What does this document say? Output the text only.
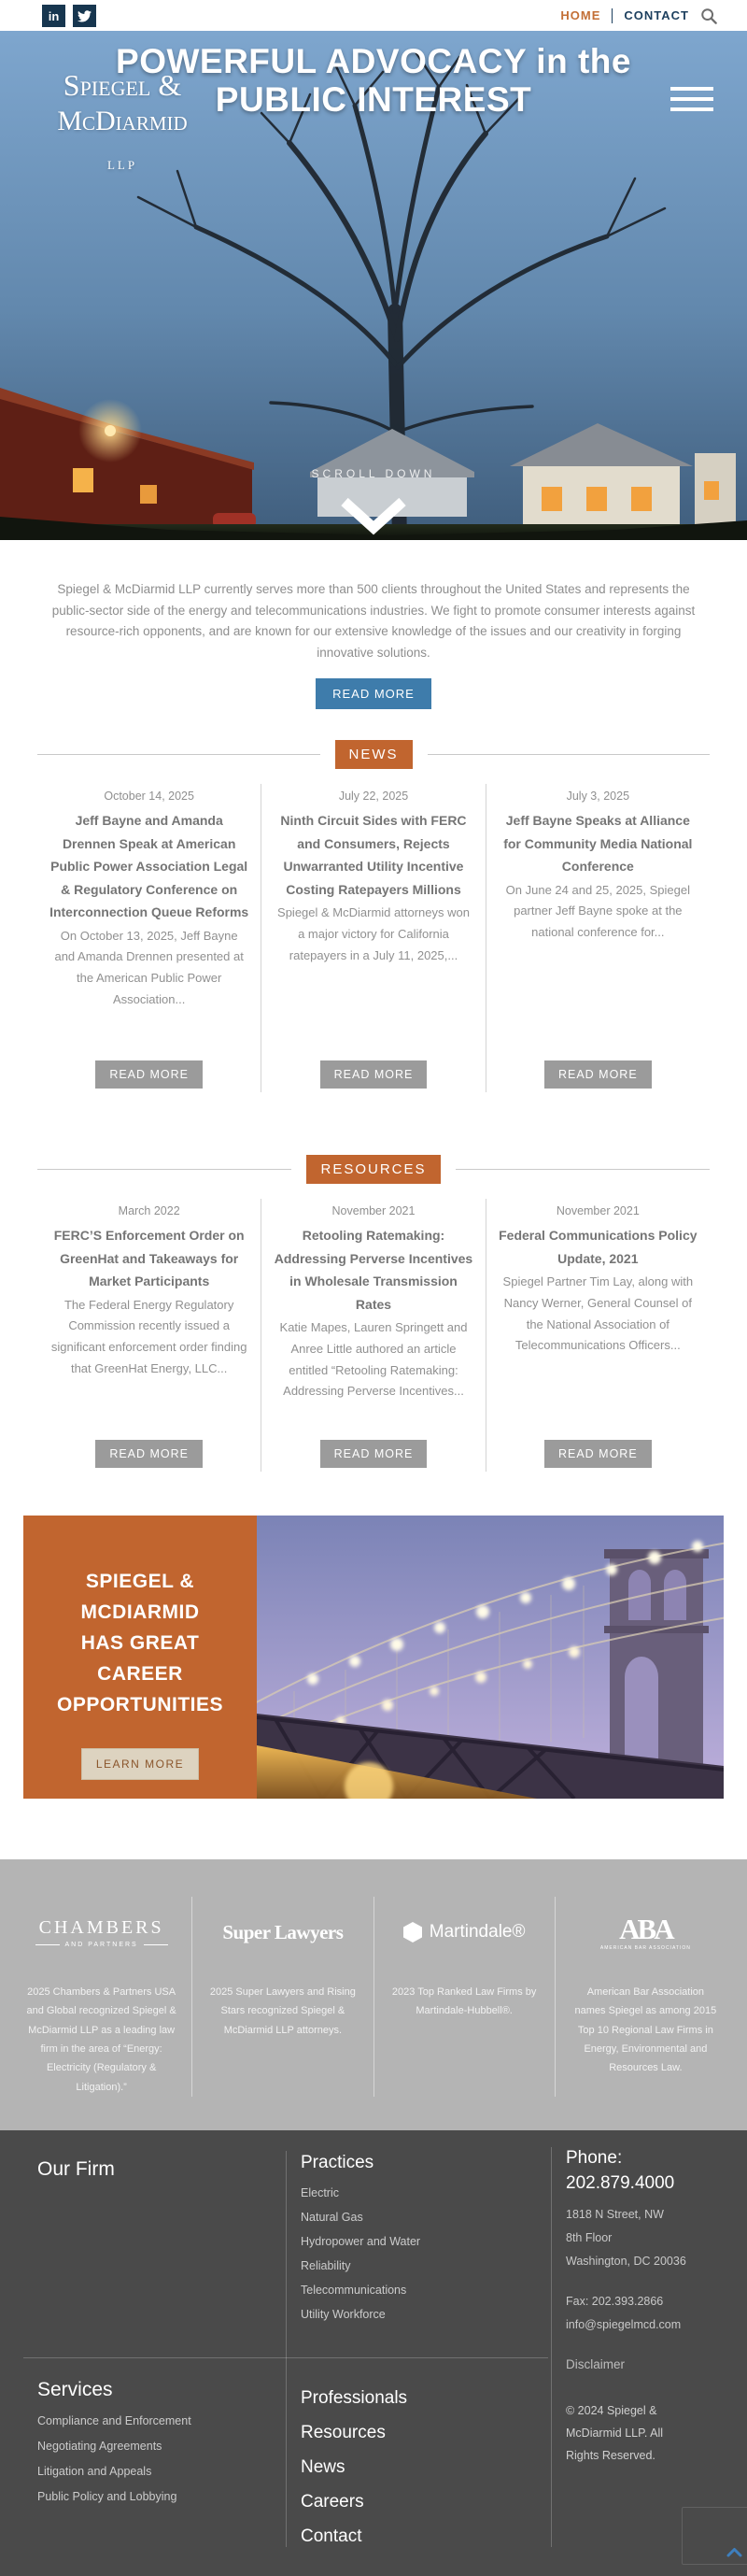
in	HOME CONTACT
Spiegel &
McDiarmid
LLP
POWERFUL ADVOCACY in the
PUBLIC INTEREST
SCROLL DOWN

Spiegel & McDiarmid LLP currently serves more than 500 clients throughout the United States and represents the public-sector side of the energy and telecommunications industries. We fight to promote consumer interests against resource-rich opponents, and are known for our extensive knowledge of the issues and our creativity in forging innovative solutions.

READ MORE
NEWS
October 14, 2025
Jeff Bayne and Amanda Drennen Speak at American Public Power Association Legal & Regulatory Conference on Interconnection Queue Reforms
On October 13, 2025, Jeff Bayne and Amanda Drennen presented at the American Public Power Association...
READ MORE
July 22, 2025
Ninth Circuit Sides with FERC and Consumers, Rejects Unwarranted Utility Incentive Costing Ratepayers Millions
Spiegel & McDiarmid attorneys won a major victory for California ratepayers in a July 11, 2025,...
READ MORE
July 3, 2025
Jeff Bayne Speaks at Alliance for Community Media National Conference
On June 24 and 25, 2025, Spiegel partner Jeff Bayne spoke at the national conference for...
READ MORE
RESOURCES
March 2022
FERC’S Enforcement Order on GreenHat and Takeaways for Market Participants
The Federal Energy Regulatory Commission recently issued a significant enforcement order finding that GreenHat Energy, LLC...
READ MORE
November 2021
Retooling Ratemaking: Addressing Perverse Incentives in Wholesale Transmission Rates
Katie Mapes, Lauren Springett and Anree Little authored an article entitled “Retooling Ratemaking: Addressing Perverse Incentives...
READ MORE
November 2021
Federal Communications Policy Update, 2021
Spiegel Partner Tim Lay, along with Nancy Werner, General Counsel of the National Association of Telecommunications Officers...
READ MORE
SPIEGEL &
MCDIARMID
HAS GREAT
CAREER
OPPORTUNITIES
LEARN MORE
CHAMBERS
AND PARTNERS
2025 Chambers & Partners USA and Global recognized Spiegel & McDiarmid LLP as a leading law firm in the area of “Energy: Electricity (Regulatory & Litigation).”
Super Lawyers
2025 Super Lawyers and Rising Stars recognized Spiegel & McDiarmid LLP attorneys.
Martindale®
2023 Top Ranked Law Firms by Martindale-Hubbell®.
ABA
AMERICAN BAR ASSOCIATION
American Bar Association names Spiegel as among 2015 Top 10 Regional Law Firms in Energy, Environmental and Resources Law.
Our Firm
Services
Compliance and Enforcement
Negotiating Agreements
Litigation and Appeals
Public Policy and Lobbying
Practices
Electric
Natural Gas
Hydropower and Water
Reliability
Telecommunications
Utility Workforce
Professionals
Resources
News
Careers
Contact
Phone:
202.879.4000
1818 N Street, NW
8th Floor
Washington, DC 20036
Fax: 202.393.2866
info@spiegelmcd.com
Disclaimer
© 2024 Spiegel & McDiarmid LLP. All Rights Reserved.
